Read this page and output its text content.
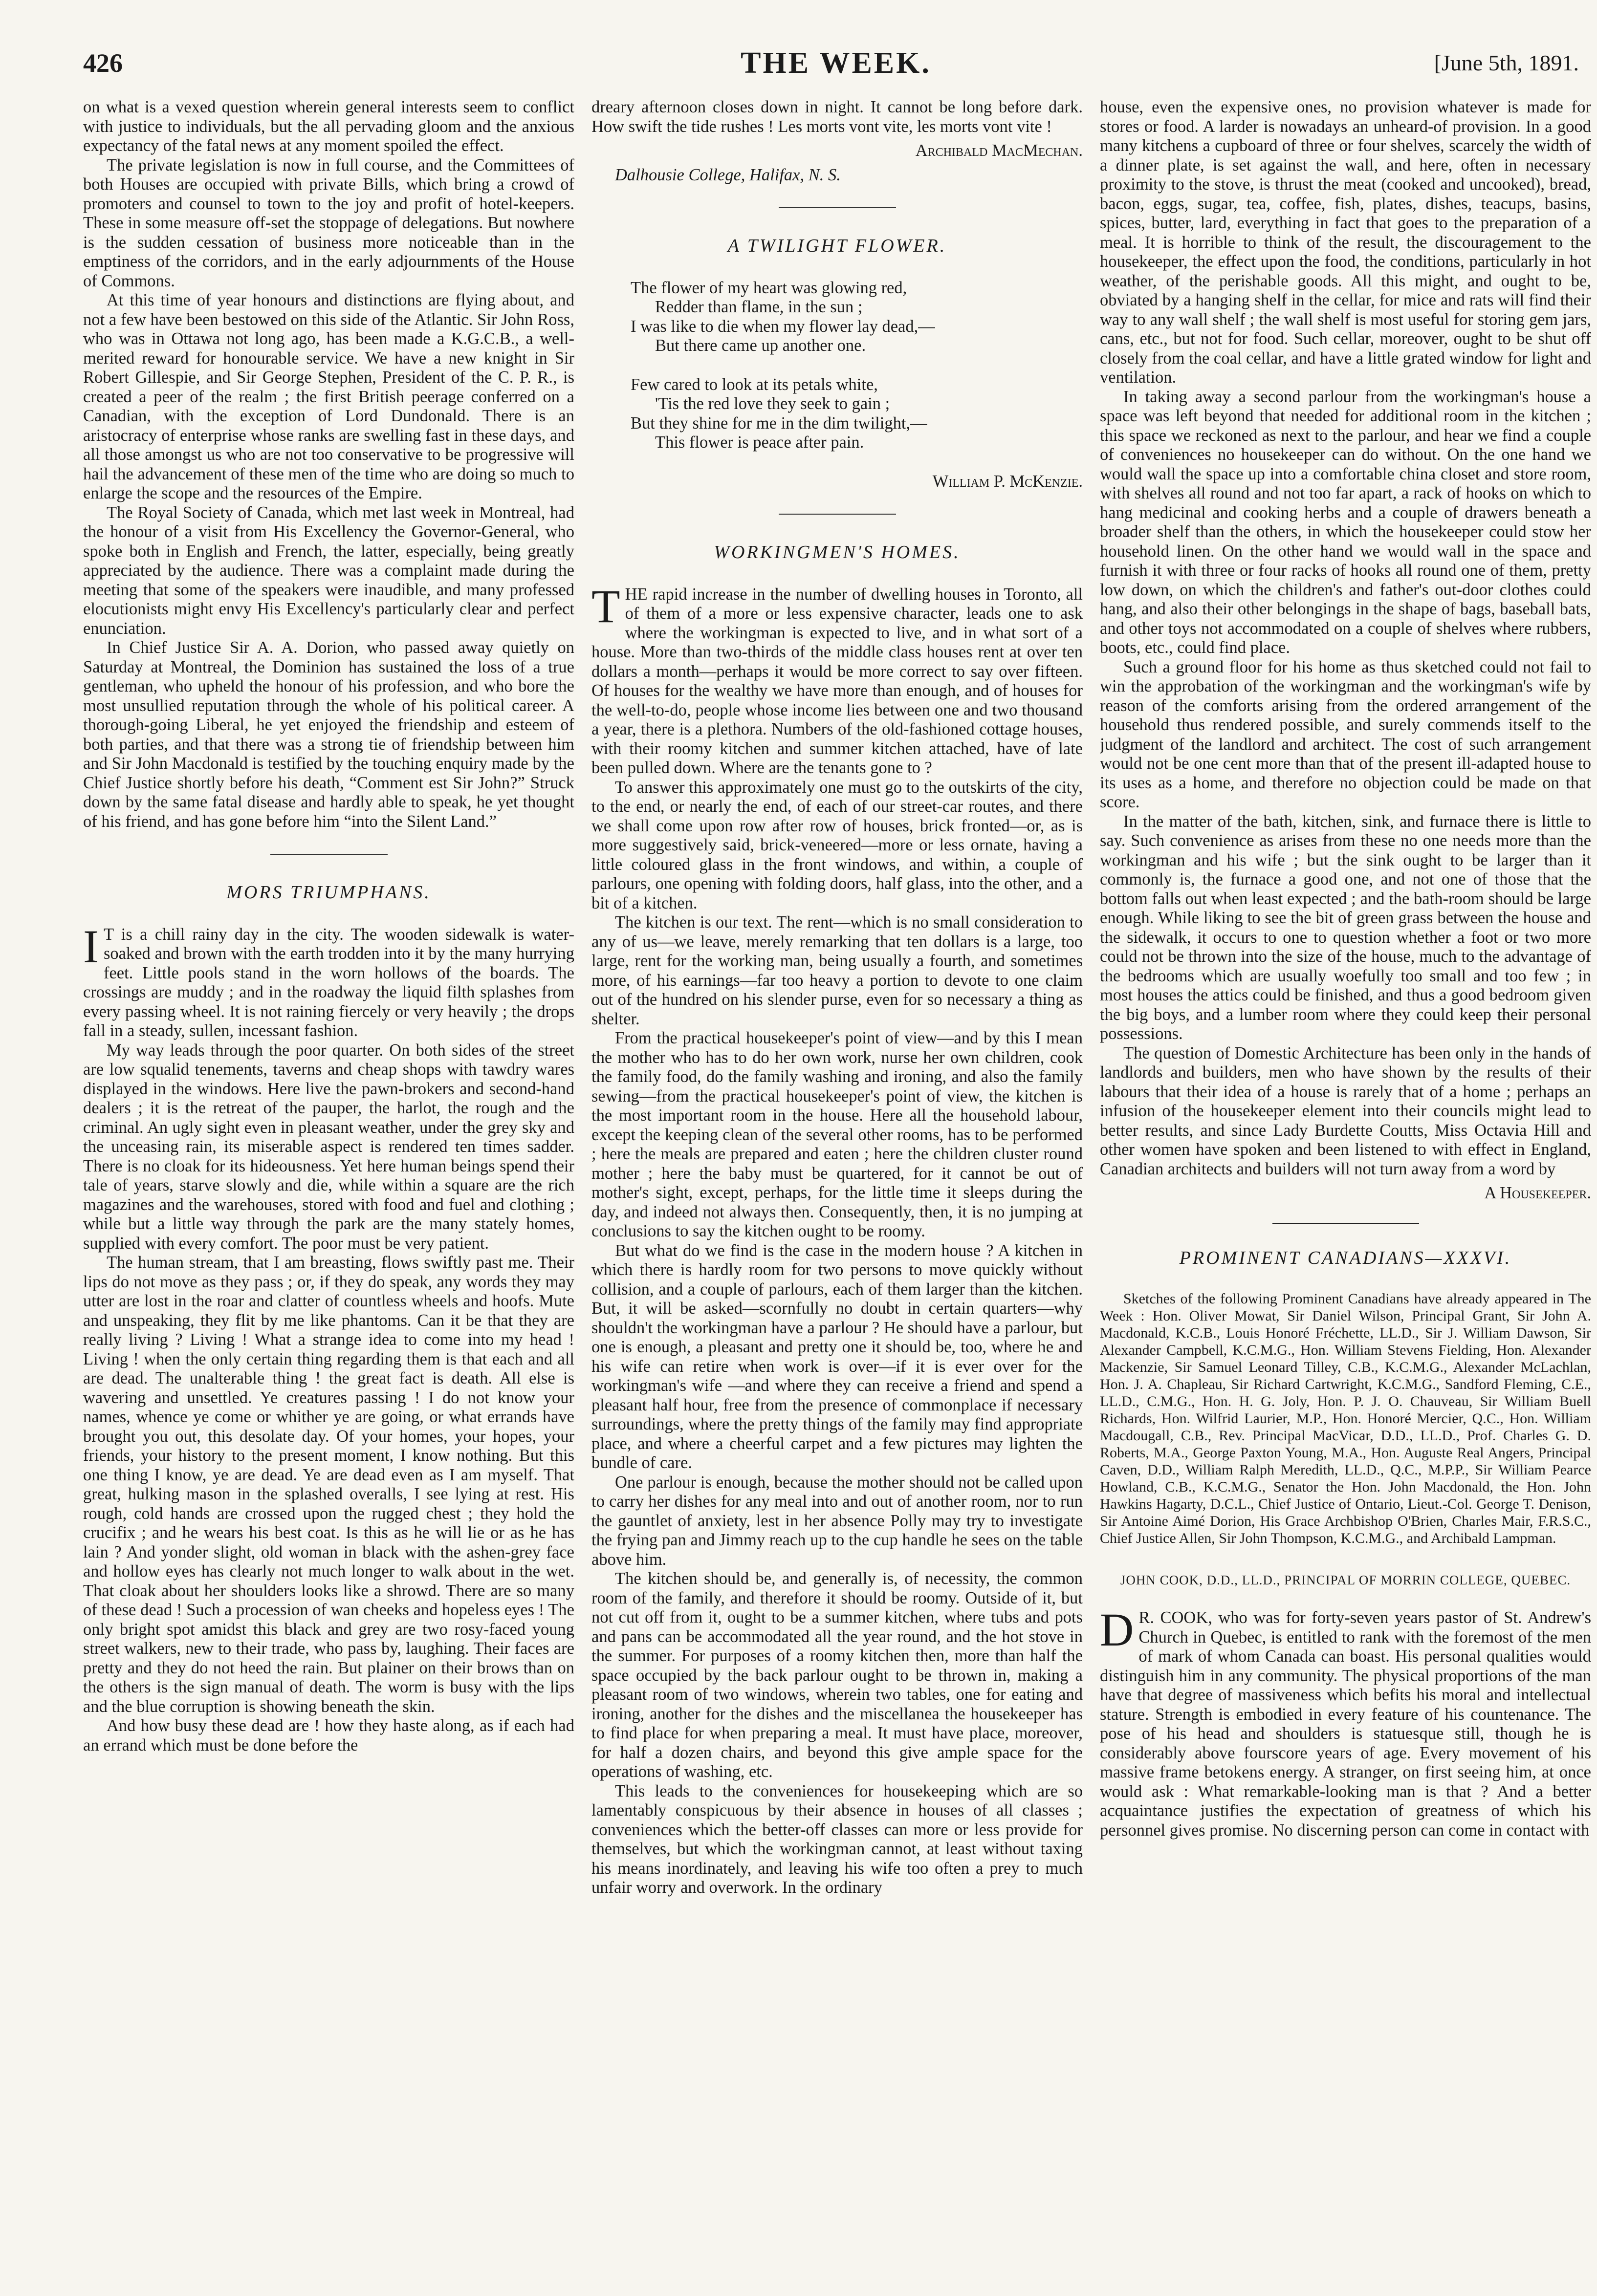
426	THE WEEK.	[June 5th, 1891.

on what is a vexed question wherein general interests seem to conflict with justice to individuals, but the all pervading gloom and the anxious expectancy of the fatal news at any moment spoiled the effect.

The private legislation is now in full course, and the Committees of both Houses are occupied with private Bills, which bring a crowd of promoters and counsel to town to the joy and profit of hotel-keepers. These in some measure off-set the stoppage of delegations. But nowhere is the sudden cessation of business more noticeable than in the emptiness of the corridors, and in the early adjournments of the House of Commons.

At this time of year honours and distinctions are flying about, and not a few have been bestowed on this side of the Atlantic. Sir John Ross, who was in Ottawa not long ago, has been made a K.G.C.B., a well-merited reward for honourable service. We have a new knight in Sir Robert Gillespie, and Sir George Stephen, President of the C. P. R., is created a peer of the realm ; the first British peerage conferred on a Canadian, with the exception of Lord Dundonald. There is an aristocracy of enterprise whose ranks are swelling fast in these days, and all those amongst us who are not too conservative to be progressive will hail the advancement of these men of the time who are doing so much to enlarge the scope and the resources of the Empire.

The Royal Society of Canada, which met last week in Montreal, had the honour of a visit from His Excellency the Governor-General, who spoke both in English and French, the latter, especially, being greatly appreciated by the audience. There was a complaint made during the meeting that some of the speakers were inaudible, and many professed elocutionists might envy His Excellency's particularly clear and perfect enunciation.

In Chief Justice Sir A. A. Dorion, who passed away quietly on Saturday at Montreal, the Dominion has sustained the loss of a true gentleman, who upheld the honour of his profession, and who bore the most unsullied reputation through the whole of his political career. A thorough-going Liberal, he yet enjoyed the friendship and esteem of both parties, and that there was a strong tie of friendship between him and Sir John Macdonald is testified by the touching enquiry made by the Chief Justice shortly before his death, “Comment est Sir John?” Struck down by the same fatal disease and hardly able to speak, he yet thought of his friend, and has gone before him “into the Silent Land.”

MORS TRIUMPHANS.

I T is a chill rainy day in the city. The wooden sidewalk is water-soaked and brown with the earth trodden into it by the many hurrying feet. Little pools stand in the worn hollows of the boards. The crossings are muddy ; and in the roadway the liquid filth splashes from every passing wheel. It is not raining fiercely or very heavily ; the drops fall in a steady, sullen, incessant fashion.

My way leads through the poor quarter. On both sides of the street are low squalid tenements, taverns and cheap shops with tawdry wares displayed in the windows. Here live the pawn-brokers and second-hand dealers ; it is the retreat of the pauper, the harlot, the rough and the criminal. An ugly sight even in pleasant weather, under the grey sky and the unceasing rain, its miserable aspect is rendered ten times sadder. There is no cloak for its hideousness. Yet here human beings spend their tale of years, starve slowly and die, while within a square are the rich magazines and the warehouses, stored with food and fuel and clothing ; while but a little way through the park are the many stately homes, supplied with every comfort. The poor must be very patient.

The human stream, that I am breasting, flows swiftly past me. Their lips do not move as they pass ; or, if they do speak, any words they may utter are lost in the roar and clatter of countless wheels and hoofs. Mute and unspeaking, they flit by me like phantoms. Can it be that they are really living ? Living ! What a strange idea to come into my head ! Living ! when the only certain thing regarding them is that each and all are dead. The unalterable thing ! the great fact is death. All else is wavering and unsettled. Ye creatures passing ! I do not know your names, whence ye come or whither ye are going, or what errands have brought you out, this desolate day. Of your homes, your hopes, your friends, your history to the present moment, I know nothing. But this one thing I know, ye are dead. Ye are dead even as I am myself. That great, hulking mason in the splashed overalls, I see lying at rest. His rough, cold hands are crossed upon the rugged chest ; they hold the crucifix ; and he wears his best coat. Is this as he will lie or as he has lain ? And yonder slight, old woman in black with the ashen-grey face and hollow eyes has clearly not much longer to walk about in the wet. That cloak about her shoulders looks like a shrowd. There are so many of these dead ! Such a procession of wan cheeks and hopeless eyes ! The only bright spot amidst this black and grey are two rosy-faced young street walkers, new to their trade, who pass by, laughing. Their faces are pretty and they do not heed the rain. But plainer on their brows than on the others is the sign manual of death. The worm is busy with the lips and the blue corruption is showing beneath the skin.

And how busy these dead are ! how they haste along, as if each had an errand which must be done before the

dreary afternoon closes down in night. It cannot be long before dark. How swift the tide rushes ! Les morts vont vite, les morts vont vite !

Archibald MacMechan.
Dalhousie College, Halifax, N. S.
A TWILIGHT FLOWER.
The flower of my heart was glowing red,
Redder than flame, in the sun ;
I was like to die when my flower lay dead,—
But there came up another one.
Few cared to look at its petals white,
'Tis the red love they seek to gain ;
But they shine for me in the dim twilight,—
This flower is peace after pain.
William P. McKenzie.
WORKINGMEN'S HOMES.

THE rapid increase in the number of dwelling houses in Toronto, all of them of a more or less expensive character, leads one to ask where the workingman is expected to live, and in what sort of a house. More than two-thirds of the middle class houses rent at over ten dollars a month—perhaps it would be more correct to say over fifteen. Of houses for the wealthy we have more than enough, and of houses for the well-to-do, people whose income lies between one and two thousand a year, there is a plethora. Numbers of the old-fashioned cottage houses, with their roomy kitchen and summer kitchen attached, have of late been pulled down. Where are the tenants gone to ?

To answer this approximately one must go to the outskirts of the city, to the end, or nearly the end, of each of our street-car routes, and there we shall come upon row after row of houses, brick fronted—or, as is more suggestively said, brick-veneered—more or less ornate, having a little coloured glass in the front windows, and within, a couple of parlours, one opening with folding doors, half glass, into the other, and a bit of a kitchen.

The kitchen is our text. The rent—which is no small consideration to any of us—we leave, merely remarking that ten dollars is a large, too large, rent for the working man, being usually a fourth, and sometimes more, of his earnings—far too heavy a portion to devote to one claim out of the hundred on his slender purse, even for so necessary a thing as shelter.

From the practical housekeeper's point of view—and by this I mean the mother who has to do her own work, nurse her own children, cook the family food, do the family washing and ironing, and also the family sewing—from the practical housekeeper's point of view, the kitchen is the most important room in the house. Here all the household labour, except the keeping clean of the several other rooms, has to be performed ; here the meals are prepared and eaten ; here the children cluster round mother ; here the baby must be quartered, for it cannot be out of mother's sight, except, perhaps, for the little time it sleeps during the day, and indeed not always then. Consequently, then, it is no jumping at conclusions to say the kitchen ought to be roomy.

But what do we find is the case in the modern house ? A kitchen in which there is hardly room for two persons to move quickly without collision, and a couple of parlours, each of them larger than the kitchen. But, it will be asked—scornfully no doubt in certain quarters—why shouldn't the workingman have a parlour ? He should have a parlour, but one is enough, a pleasant and pretty one it should be, too, where he and his wife can retire when work is over—if it is ever over for the workingman's wife —and where they can receive a friend and spend a pleasant half hour, free from the presence of commonplace if necessary surroundings, where the pretty things of the family may find appropriate place, and where a cheerful carpet and a few pictures may lighten the bundle of care.

One parlour is enough, because the mother should not be called upon to carry her dishes for any meal into and out of another room, nor to run the gauntlet of anxiety, lest in her absence Polly may try to investigate the frying pan and Jimmy reach up to the cup handle he sees on the table above him.

The kitchen should be, and generally is, of necessity, the common room of the family, and therefore it should be roomy. Outside of it, but not cut off from it, ought to be a summer kitchen, where tubs and pots and pans can be accommodated all the year round, and the hot stove in the summer. For purposes of a roomy kitchen then, more than half the space occupied by the back parlour ought to be thrown in, making a pleasant room of two windows, wherein two tables, one for eating and ironing, another for the dishes and the miscellanea the housekeeper has to find place for when preparing a meal. It must have place, moreover, for half a dozen chairs, and beyond this give ample space for the operations of washing, etc.

This leads to the conveniences for housekeeping which are so lamentably conspicuous by their absence in houses of all classes ; conveniences which the better-off classes can more or less provide for themselves, but which the workingman cannot, at least without taxing his means inordinately, and leaving his wife too often a prey to much unfair worry and overwork. In the ordinary

house, even the expensive ones, no provision whatever is made for stores or food. A larder is nowadays an unheard-of provision. In a good many kitchens a cupboard of three or four shelves, scarcely the width of a dinner plate, is set against the wall, and here, often in necessary proximity to the stove, is thrust the meat (cooked and uncooked), bread, bacon, eggs, sugar, tea, coffee, fish, plates, dishes, teacups, basins, spices, butter, lard, everything in fact that goes to the preparation of a meal. It is horrible to think of the result, the discouragement to the housekeeper, the effect upon the food, the conditions, particularly in hot weather, of the perishable goods. All this might, and ought to be, obviated by a hanging shelf in the cellar, for mice and rats will find their way to any wall shelf ; the wall shelf is most useful for storing gem jars, cans, etc., but not for food. Such cellar, moreover, ought to be shut off closely from the coal cellar, and have a little grated window for light and ventilation.

In taking away a second parlour from the workingman's house a space was left beyond that needed for additional room in the kitchen ; this space we reckoned as next to the parlour, and hear we find a couple of conveniences no housekeeper can do without. On the one hand we would wall the space up into a comfortable china closet and store room, with shelves all round and not too far apart, a rack of hooks on which to hang medicinal and cooking herbs and a couple of drawers beneath a broader shelf than the others, in which the housekeeper could stow her household linen. On the other hand we would wall in the space and furnish it with three or four racks of hooks all round one of them, pretty low down, on which the children's and father's out-door clothes could hang, and also their other belongings in the shape of bags, baseball bats, and other toys not accommodated on a couple of shelves where rubbers, boots, etc., could find place.

Such a ground floor for his home as thus sketched could not fail to win the approbation of the workingman and the workingman's wife by reason of the comforts arising from the ordered arrangement of the household thus rendered possible, and surely commends itself to the judgment of the landlord and architect. The cost of such arrangement would not be one cent more than that of the present ill-adapted house to its uses as a home, and therefore no objection could be made on that score.

In the matter of the bath, kitchen, sink, and furnace there is little to say. Such convenience as arises from these no one needs more than the workingman and his wife ; but the sink ought to be larger than it commonly is, the furnace a good one, and not one of those that the bottom falls out when least expected ; and the bath-room should be large enough. While liking to see the bit of green grass between the house and the sidewalk, it occurs to one to question whether a foot or two more could not be thrown into the size of the house, much to the advantage of the bedrooms which are usually woefully too small and too few ; in most houses the attics could be finished, and thus a good bedroom given the big boys, and a lumber room where they could keep their personal possessions.

The question of Domestic Architecture has been only in the hands of landlords and builders, men who have shown by the results of their labours that their idea of a house is rarely that of a home ; perhaps an infusion of the housekeeper element into their councils might lead to better results, and since Lady Burdette Coutts, Miss Octavia Hill and other women have spoken and been listened to with effect in England, Canadian architects and builders will not turn away from a word by

A Housekeeper.
PROMINENT CANADIANS—XXXVI.

Sketches of the following Prominent Canadians have already appeared in The Week : Hon. Oliver Mowat, Sir Daniel Wilson, Principal Grant, Sir John A. Macdonald, K.C.B., Louis Honoré Fréchette, LL.D., Sir J. William Dawson, Sir Alexander Campbell, K.C.M.G., Hon. William Stevens Fielding, Hon. Alexander Mackenzie, Sir Samuel Leonard Tilley, C.B., K.C.M.G., Alexander McLachlan, Hon. J. A. Chapleau, Sir Richard Cartwright, K.C.M.G., Sandford Fleming, C.E., LL.D., C.M.G., Hon. H. G. Joly, Hon. P. J. O. Chauveau, Sir William Buell Richards, Hon. Wilfrid Laurier, M.P., Hon. Honoré Mercier, Q.C., Hon. William Macdougall, C.B., Rev. Principal MacVicar, D.D., LL.D., Prof. Charles G. D. Roberts, M.A., George Paxton Young, M.A., Hon. Auguste Real Angers, Principal Caven, D.D., William Ralph Meredith, LL.D., Q.C., M.P.P., Sir William Pearce Howland, C.B., K.C.M.G., Senator the Hon. John Macdonald, the Hon. John Hawkins Hagarty, D.C.L., Chief Justice of Ontario, Lieut.-Col. George T. Denison, Sir Antoine Aimé Dorion, His Grace Archbishop O'Brien, Charles Mair, F.R.S.C., Chief Justice Allen, Sir John Thompson, K.C.M.G., and Archibald Lampman.

JOHN COOK, D.D., LL.D., PRINCIPAL OF MORRIN COLLEGE, QUEBEC.

D R. COOK, who was for forty-seven years pastor of St. Andrew's Church in Quebec, is entitled to rank with the foremost of the men of mark of whom Canada can boast. His personal qualities would distinguish him in any community. The physical proportions of the man have that degree of massiveness which befits his moral and intellectual stature. Strength is embodied in every feature of his countenance. The pose of his head and shoulders is statuesque still, though he is considerably above fourscore years of age. Every movement of his massive frame betokens energy. A stranger, on first seeing him, at once would ask : What remarkable-looking man is that ? And a better acquaintance justifies the expectation of greatness of which his personnel gives promise. No discerning person can come in contact with
